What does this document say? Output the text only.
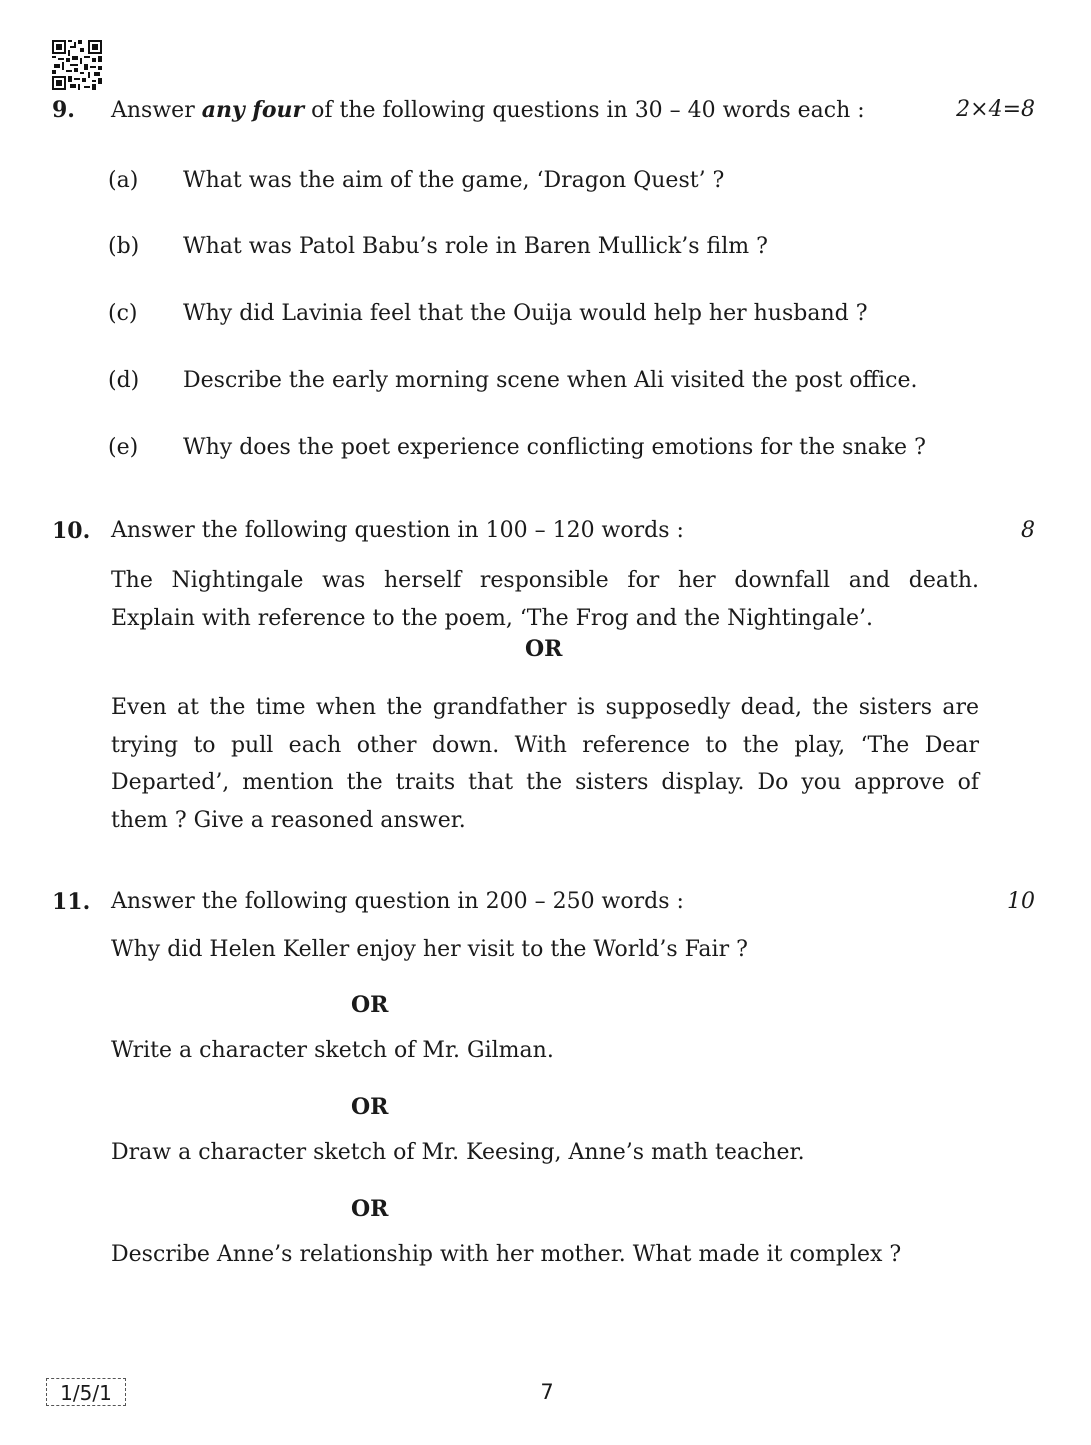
9. Answer any four of the following questions in 30 – 40 words each :	2×4=8
(a) What was the aim of the game, ‘Dragon Quest’ ?
(b) What was Patol Babu’s role in Baren Mullick’s film ?
(c) Why did Lavinia feel that the Ouija would help her husband ?
(d) Describe the early morning scene when Ali visited the post office.
(e) Why does the poet experience conflicting emotions for the snake ?
10. Answer the following question in 100 – 120 words :	8
The Nightingale was herself responsible for her downfall and death.
Explain with reference to the poem, ‘The Frog and the Nightingale’.
OR
Even at the time when the grandfather is supposedly dead, the sisters are
trying to pull each other down. With reference to the play, ‘The Dear
Departed’, mention the traits that the sisters display. Do you approve of
them ? Give a reasoned answer.
11. Answer the following question in 200 – 250 words :	10
Why did Helen Keller enjoy her visit to the World’s Fair ?
OR
Write a character sketch of Mr. Gilman.
OR
Draw a character sketch of Mr. Keesing, Anne’s math teacher.
OR
Describe Anne’s relationship with her mother. What made it complex ?
1/5/1	7
